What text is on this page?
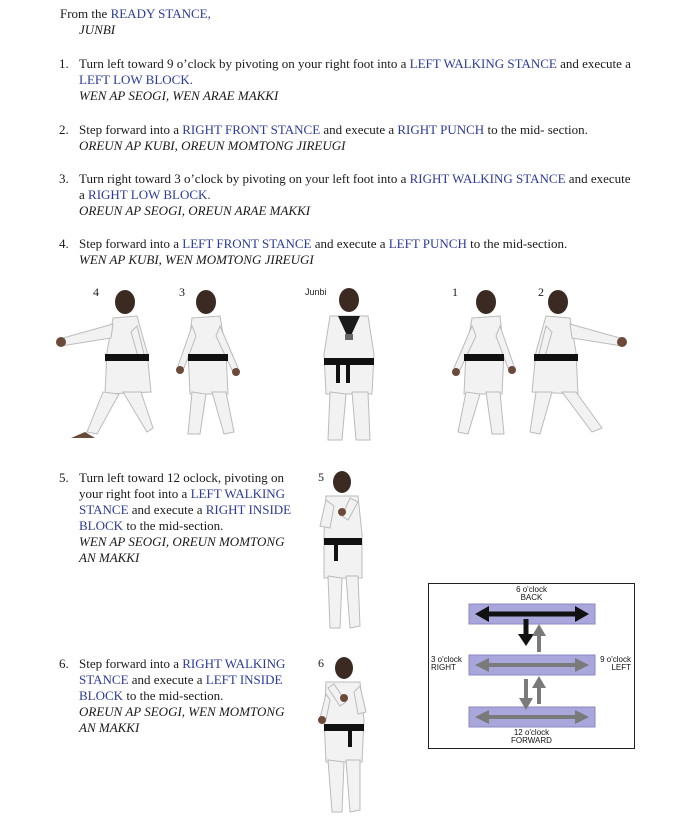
From the READY STANCE,
JUNBI
1. Turn left toward 9 o’clock by pivoting on your right foot into a LEFT WALKING STANCE and execute a
LEFT LOW BLOCK.
WEN AP SEOGI, WEN ARAE MAKKI
2. Step forward into a RIGHT FRONT STANCE and execute a RIGHT PUNCH to the mid- section.
OREUN AP KUBI, OREUN MOMTONG JIREUGI
3. Turn right toward 3 o’clock by pivoting on your left foot into a RIGHT WALKING STANCE and execute
a RIGHT LOW BLOCK.
OREUN AP SEOGI, OREUN ARAE MAKKI
4. Step forward into a LEFT FRONT STANCE and execute a LEFT PUNCH to the mid-section.
WEN AP KUBI, WEN MOMTONG JIREUGI
4	3	Junbi	1	2
5. Turn left toward 12 oclock, pivoting on
your right foot into a LEFT WALKING
STANCE and execute a RIGHT INSIDE
BLOCK to the mid-section.
WEN AP SEOGI, OREUN MOMTONG
AN MAKKI
5
6. Step forward into a RIGHT WALKING
STANCE and execute a LEFT INSIDE
BLOCK to the mid-section.
OREUN AP SEOGI, WEN MOMTONG
AN MAKKI
6
6 o'clock
BACK
3 o'clock
RIGHT
9 o'clock
LEFT
12 o'clock
FORWARD
